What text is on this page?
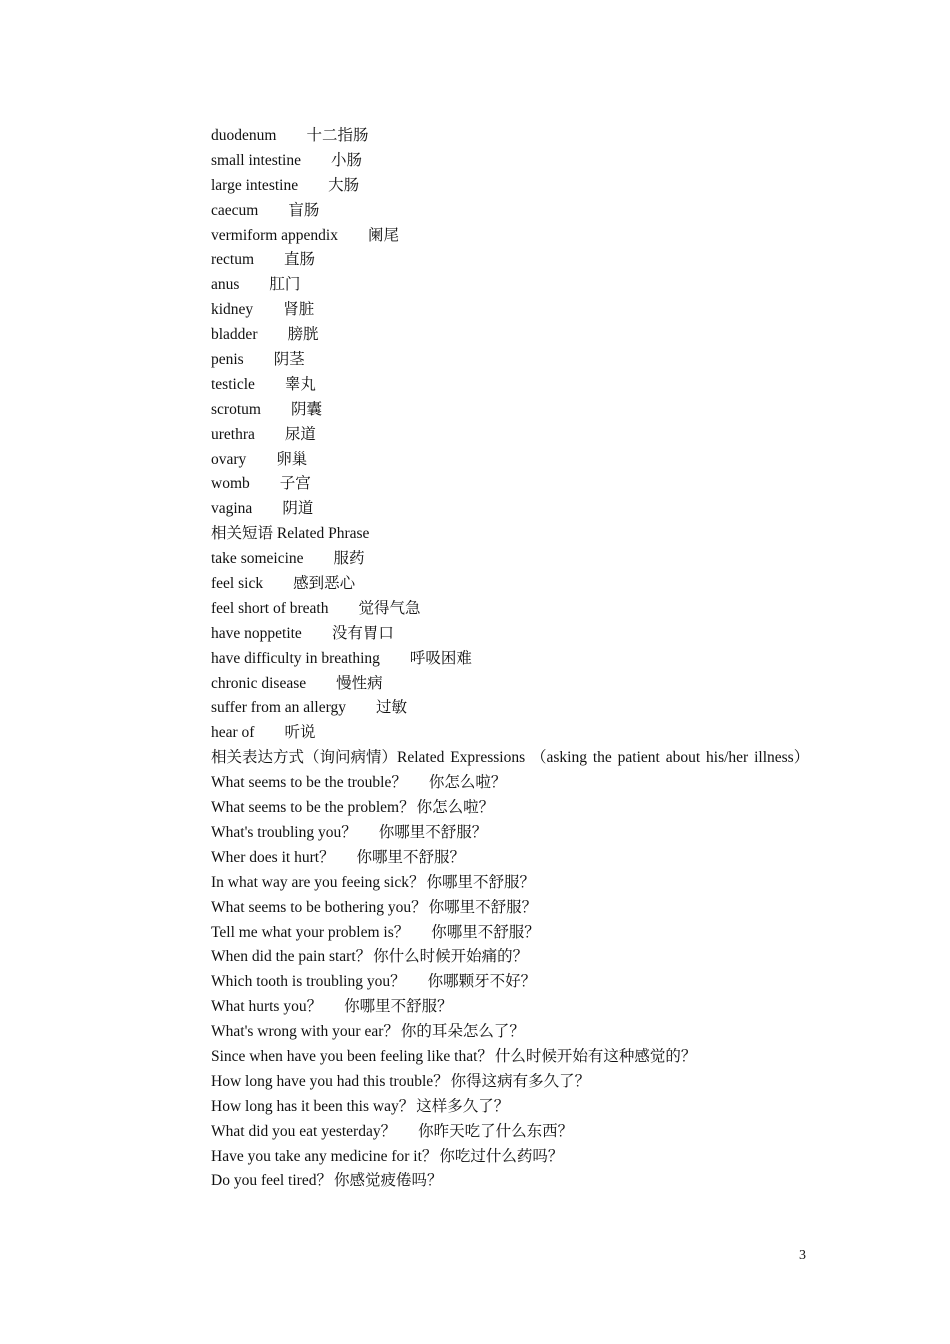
duodenum 十二指肠
small intestine 小肠
large intestine 大肠
caecum 盲肠
vermiform appendix 阑尾
rectum 直肠
anus 肛门
kidney 肾脏
bladder 膀胱
penis 阴茎
testicle 睾丸
scrotum 阴囊
urethra 尿道
ovary 卵巢
womb 子宫
vagina 阴道
相关短语 Related Phrase
take someicine 服药
feel sick 感到恶心
feel short of breath 觉得气急
have noppetite 没有胃口
have difficulty in breathing 呼吸困难
chronic disease 慢性病
suffer from an allergy 过敏
hear of 听说
相关表达方式（询问病情）Related Expressions （asking the patient about his/her illness）
What seems to be the trouble？ 你怎么啦？
What seems to be the problem？ 你怎么啦？
What's troubling you？ 你哪里不舒服？
Wher does it hurt？ 你哪里不舒服？
In what way are you feeing sick？ 你哪里不舒服？
What seems to be bothering you？ 你哪里不舒服？
Tell me what your problem is？ 你哪里不舒服？
When did the pain start？ 你什么时候开始痛的？
Which tooth is troubling you？ 你哪颗牙不好？
What hurts you？ 你哪里不舒服？
What's wrong with your ear？ 你的耳朵怎么了？
Since when have you been feeling like that？ 什么时候开始有这种感觉的？
How long have you had this trouble？ 你得这病有多久了？
How long has it been this way？ 这样多久了？
What did you eat yesterday？ 你昨天吃了什么东西？
Have you take any medicine for it？ 你吃过什么药吗？
Do you feel tired？ 你感觉疲倦吗？
3
